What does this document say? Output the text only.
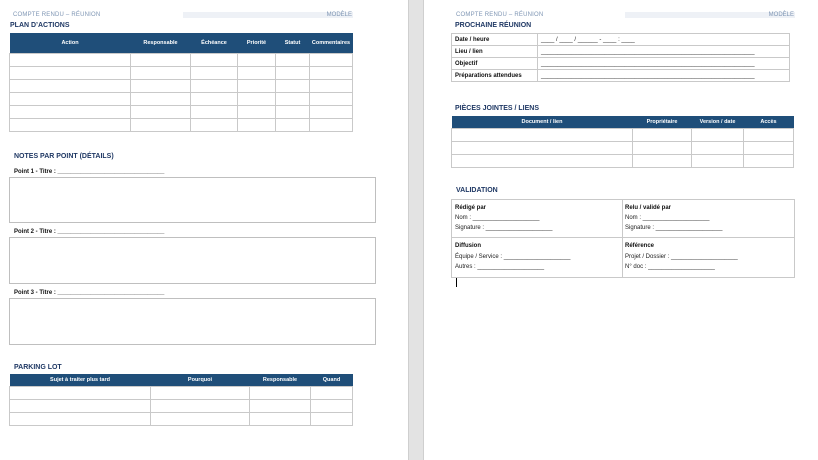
COMPTE RENDU – RÉUNION	MODÈLE
PLAN D’ACTIONS
Action	Responsable	Échéance	Priorité	Statut	Commentaires

NOTES PAR POINT (DÉTAILS)
Point 1 - Titre : ________________________________
Point 2 - Titre : ________________________________
Point 3 - Titre : ________________________________
PARKING LOT
Sujet à traiter plus tard	Pourquoi	Responsable	Quand

COMPTE RENDU – RÉUNION	MODÈLE
PROCHAINE RÉUNION
Date / heure	____ / ____ / ______ - ____ : ____
Lieu / lien	________________________________________________________________
Objectif	________________________________________________________________
Préparations attendues	________________________________________________________________
PIÈCES JOINTES / LIENS
Document / lien	Propriétaire	Version / date	Accès

VALIDATION
Rédigé par
Nom : ____________________
Signature : ____________________
Relu / validé par
Nom : ____________________
Signature : ____________________
Diffusion
Équipe / Service : ____________________
Autres : ____________________
Référence
Projet / Dossier : ____________________
N° doc : ____________________
